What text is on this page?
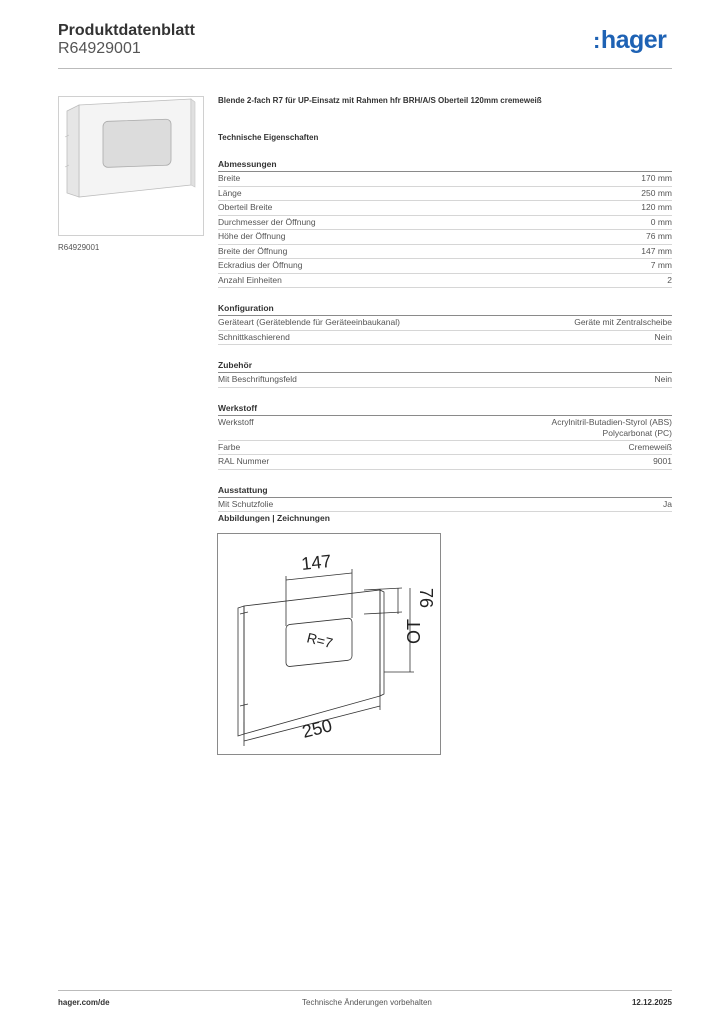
Produktdatenblatt
R64929001	:hager
R64929001
Blende 2-fach R7 für UP-Einsatz mit Rahmen hfr BRH/A/S Oberteil 120mm cremeweiß
Technische Eigenschaften
Abmessungen
Breite	170 mm
Länge	250 mm
Oberteil Breite	120 mm
Durchmesser der Öffnung	0 mm
Höhe der Öffnung	76 mm
Breite der Öffnung	147 mm
Eckradius der Öffnung	7 mm
Anzahl Einheiten	2
Konfiguration
Geräteart (Geräteblende für Geräteeinbaukanal)	Geräte mit Zentralscheibe
Schnittkaschierend	Nein
Zubehör
Mit Beschriftungsfeld	Nein
Werkstoff
Werkstoff	Acrylnitril-Butadien-Styrol (ABS)
Polycarbonat (PC)
Farbe	Cremeweiß
RAL Nummer	9001
Ausstattung
Mit Schutzfolie	Ja
Abbildungen | Zeichnungen
147
76
R=7	OT
250
hager.com/de	Technische Änderungen vorbehalten	12.12.2025
